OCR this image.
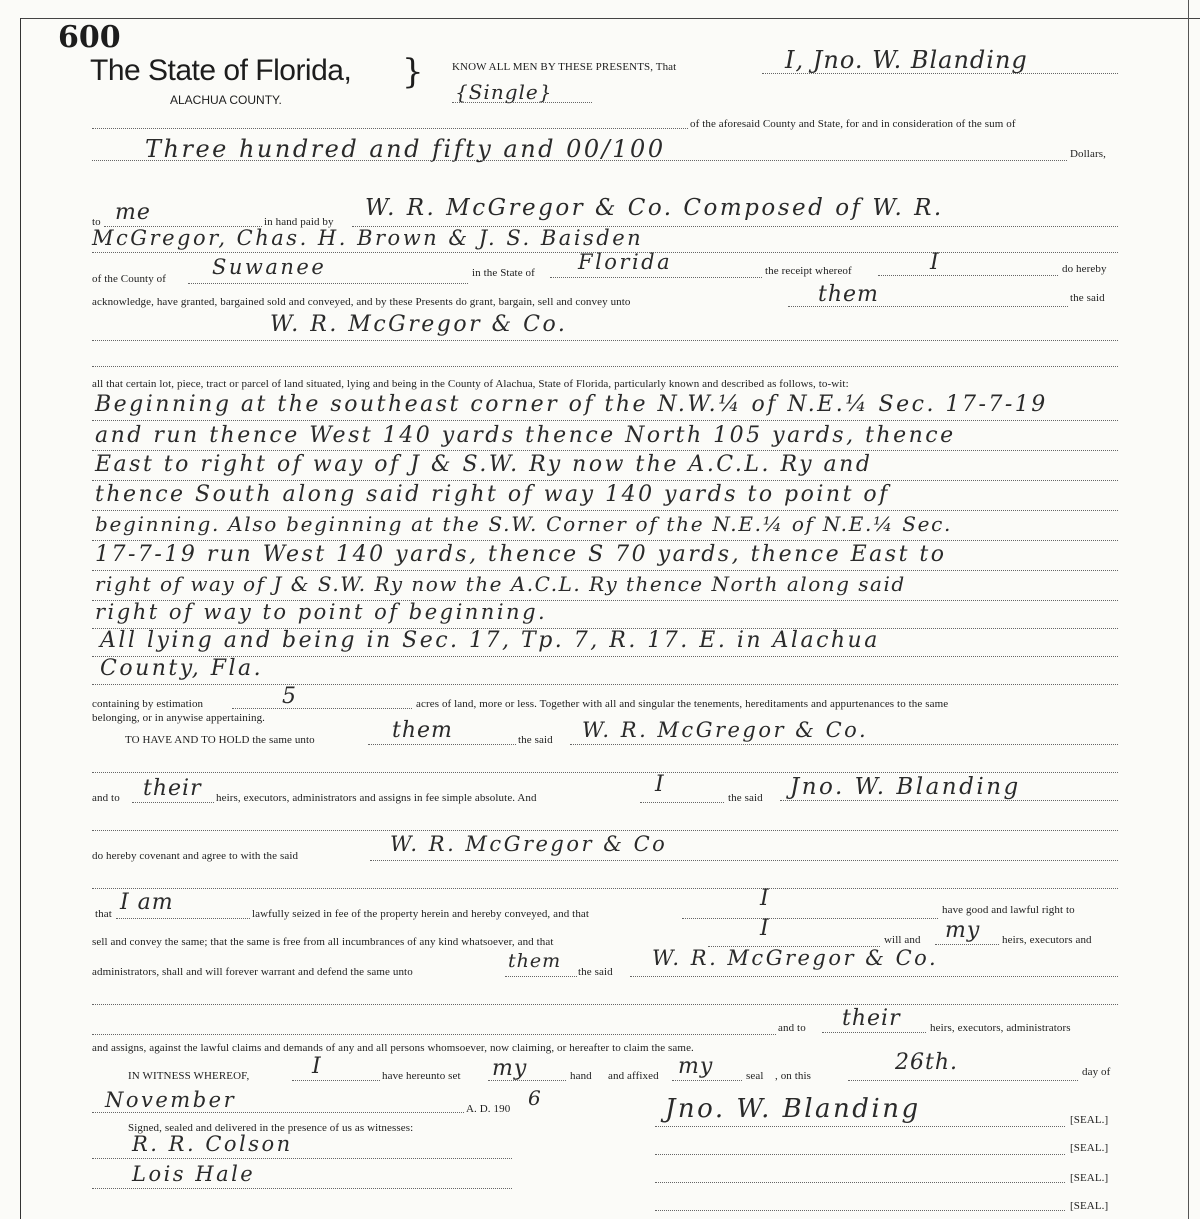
600
The State of Florida,
ALACHUA COUNTY.
}	KNOW ALL MEN BY THESE PRESENTS, That	I, Jno. W. Blanding
{Single}
of the aforesaid County and State, for and in consideration of the sum of
Three hundred and fifty and 00/100	Dollars,
to me	in hand paid by
W. R. McGregor & Co. Composed of W. R.
McGregor, Chas. H. Brown & J. S. Baisden
of the County of Suwanee	in the State of Florida	the receipt whereof	I	do hereby
acknowledge, have granted, bargained sold and conveyed, and by these Presents do grant, bargain, sell and convey unto	them	the said
W. R. McGregor & Co.
all that certain lot, piece, tract or parcel of land situated, lying and being in the County of Alachua, State of Florida, particularly known and described as follows, to-wit:
Beginning at the southeast corner of the N.W.¼ of N.E.¼ Sec. 17-7-19
and run thence West 140 yards thence North 105 yards, thence
East to right of way of J & S.W. Ry now the A.C.L. Ry and
thence South along said right of way 140 yards to point of
beginning. Also beginning at the S.W. Corner of the N.E.¼ of N.E.¼ Sec.
17-7-19 run West 140 yards, thence S 70 yards, thence East to
right of way of J & S.W. Ry now the A.C.L. Ry thence North along said
right of way to point of beginning.
All lying and being in Sec. 17, Tp. 7, R. 17. E. in Alachua
County, Fla.
containing by estimation	5	acres of land, more or less. Together with all and singular the tenements, hereditaments and appurtenances to the same
belonging, or in anywise appertaining.
TO HAVE AND TO HOLD the same unto	them	the said W. R. McGregor & Co.
and to their heirs, executors, administrators and assigns in fee simple absolute. And
I
the said Jno. W. Blanding
do hereby covenant and agree to with the said	W. R. McGregor & Co
that I am	lawfully seized in fee of the property herein and hereby conveyed, and that
I	have good and lawful right to
sell and convey the same; that the same is free from all incumbrances of any kind whatsoever, and that
I	will and my heirs, executors and
administrators, shall and will forever warrant and defend the same unto	them the said
W. R. McGregor & Co.
and to their	heirs, executors, administrators
and assigns, against the lawful claims and demands of any and all persons whomsoever, now claiming, or hereafter to claim the same.
IN WITNESS WHEREOF,	I	have hereunto set my	hand and affixed my	seal , on this
26th.	day of
November	A. D. 190 6
Signed, sealed and delivered in the presence of us as witnesses:
R. R. Colson
Lois Hale
Jno. W. Blanding	[SEAL.]
[SEAL.]
[SEAL.]
[SEAL.]
